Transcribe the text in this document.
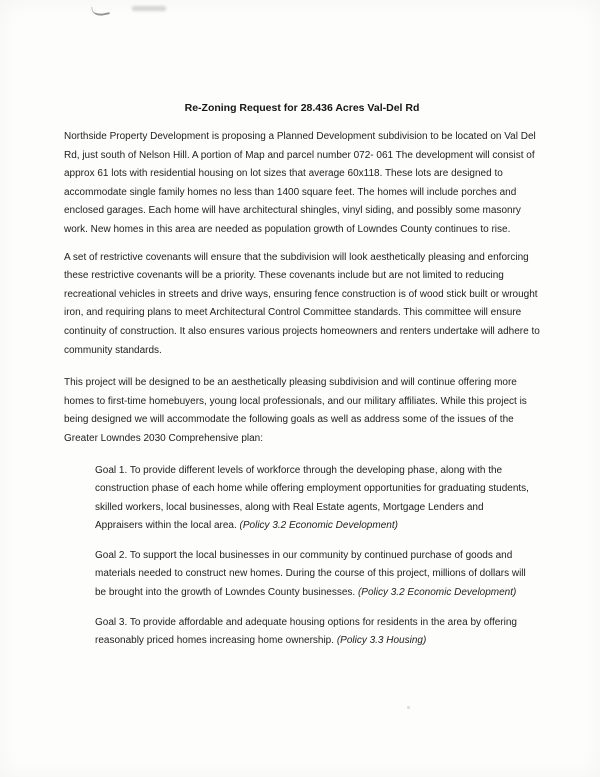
Re-Zoning Request for 28.436 Acres Val-Del Rd

Northside Property Development is proposing a Planned Development subdivision to be located on Val Del Rd, just south of Nelson Hill. A portion of Map and parcel number 072- 061 The development will consist of approx 61 lots with residential housing on lot sizes that average 60x118. These lots are designed to accommodate single family homes no less than 1400 square feet. The homes will include porches and enclosed garages. Each home will have architectural shingles, vinyl siding, and possibly some masonry work. New homes in this area are needed as population growth of Lowndes County continues to rise.

A set of restrictive covenants will ensure that the subdivision will look aesthetically pleasing and enforcing these restrictive covenants will be a priority. These covenants include but are not limited to reducing recreational vehicles in streets and drive ways, ensuring fence construction is of wood stick built or wrought iron, and requiring plans to meet Architectural Control Committee standards. This committee will ensure continuity of construction. It also ensures various projects homeowners and renters undertake will adhere to community standards.

This project will be designed to be an aesthetically pleasing subdivision and will continue offering more homes to first-time homebuyers, young local professionals, and our military affiliates. While this project is being designed we will accommodate the following goals as well as address some of the issues of the Greater Lowndes 2030 Comprehensive plan:

Goal 1. To provide different levels of workforce through the developing phase, along with the construction phase of each home while offering employment opportunities for graduating students, skilled workers, local businesses, along with Real Estate agents, Mortgage Lenders and Appraisers within the local area. (Policy 3.2 Economic Development)

Goal 2. To support the local businesses in our community by continued purchase of goods and materials needed to construct new homes. During the course of this project, millions of dollars will be brought into the growth of Lowndes County businesses. (Policy 3.2 Economic Development)

Goal 3. To provide affordable and adequate housing options for residents in the area by offering reasonably priced homes increasing home ownership. (Policy 3.3 Housing)
